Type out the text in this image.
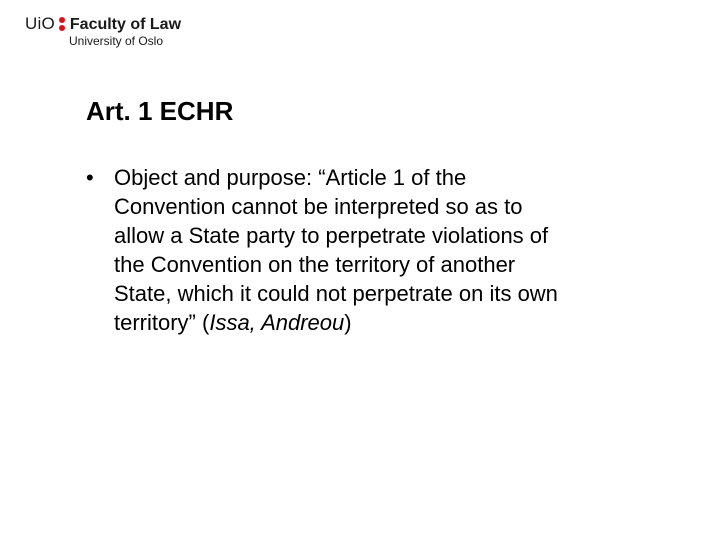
UiO Faculty of Law
University of Oslo
Art. 1 ECHR
• Object and purpose: “Article 1 of the
Convention cannot be interpreted so as to
allow a State party to perpetrate violations of
the Convention on the territory of another
State, which it could not perpetrate on its own
territory” (Issa, Andreou)
